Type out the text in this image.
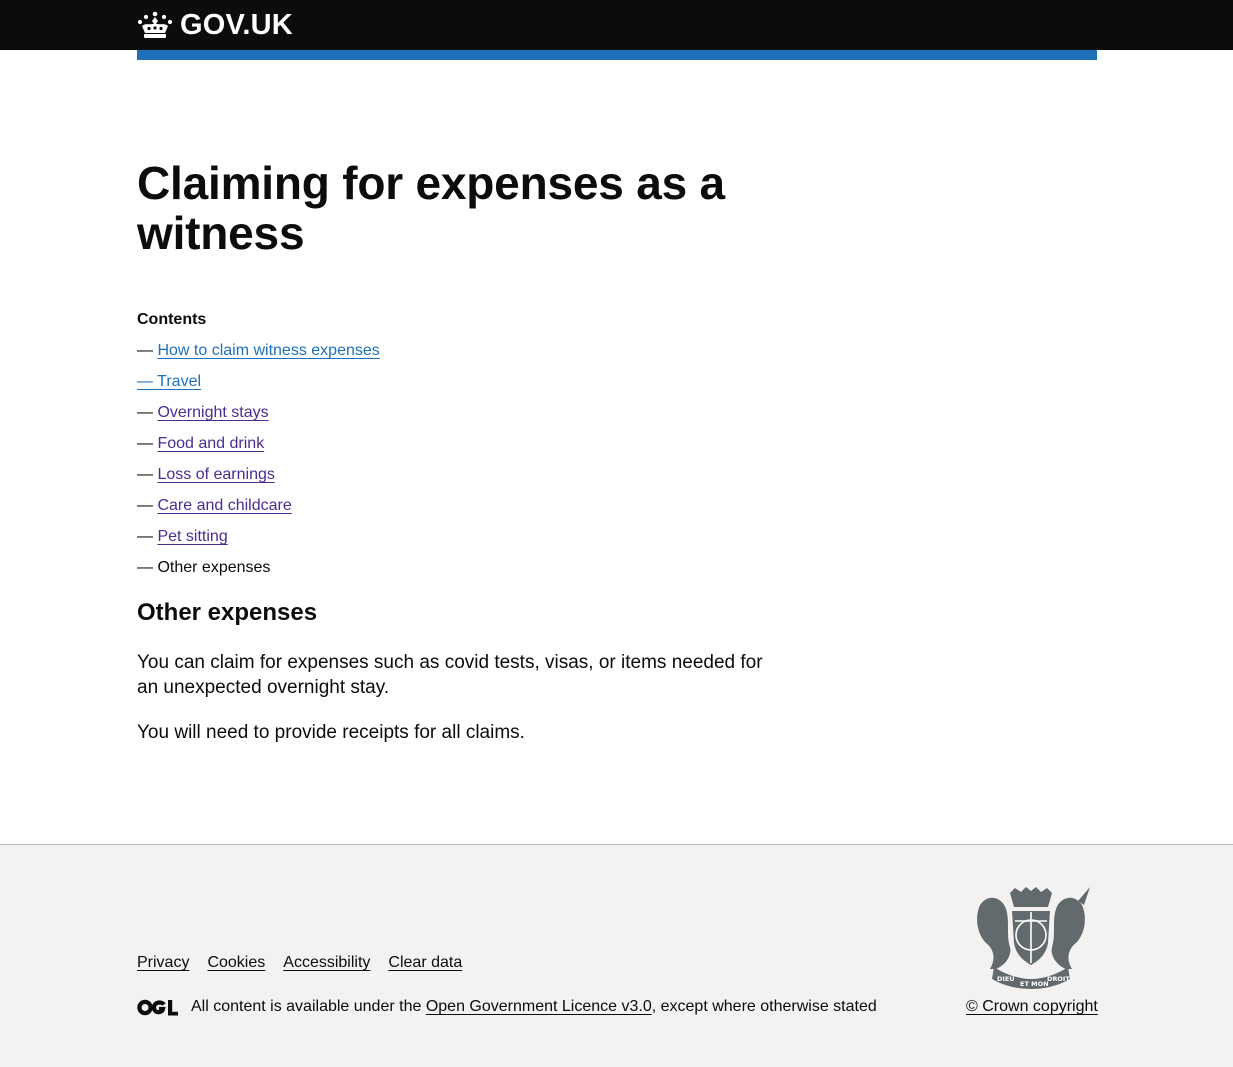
GOV.UK
Claiming for expenses as a witness
Contents
— How to claim witness expenses
— Travel
— Overnight stays
— Food and drink
— Loss of earnings
— Care and childcare
— Pet sitting
— Other expenses
Other expenses

You can claim for expenses such as covid tests, visas, or items needed for an unexpected overnight stay.

You will need to provide receipts for all claims.

Privacy Cookies Accessibility Clear data
All content is available under the
Open Government Licence v3.0 , except where otherwise stated
DIEU
ET MON
DROIT
© Crown copyright
